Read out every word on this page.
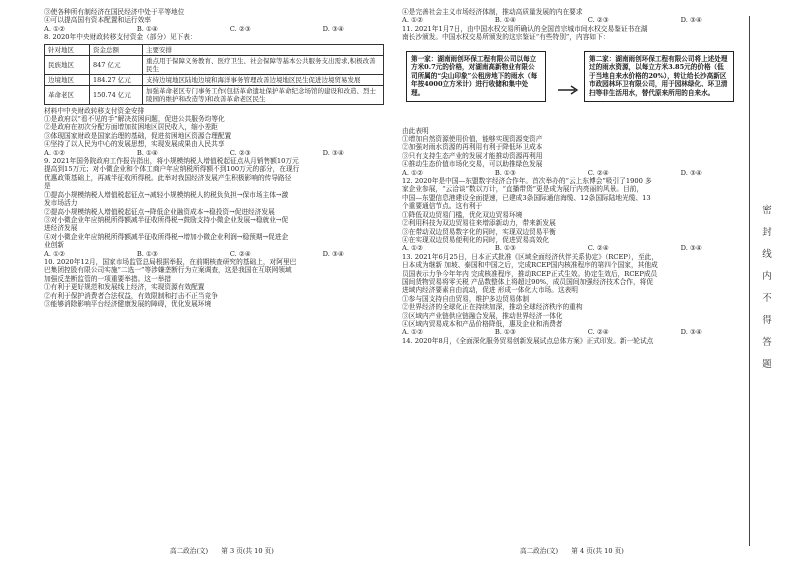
③使各种所有制经济在国民经济中处于平等地位
④可以提高国有资本配置和运行效率
A. ①②	B. ①④	C. ②③	D. ③④
8. 2020年中央财政转移支付资金（部分）见下表：
针对地区	资金总额	主要安排
民族地区	847 亿元	重点用于保障义务教育、医疗卫生、社会保障等基本公共服务支出需求,积极改善民生
边境地区	184.27 亿元	支持边境地区陆地边境和海洋事务管理改善边境地区民生促进边境贸易发展
革命老区	150.74 亿元	加强革命老区专门事务工作(包括革命遗址保护革命纪念场馆的建设和改造、烈士陵园的维护和改造等)和改善革命老区民生
材料中中央财政转移支付资金安排
①是政府以“看不见的手”解决贫困问题，促进公共服务均等化
②是政府在初次分配方面增加贫困地区居民收入，缩小差距
③体现国家财政是国家治理的基础，促进贫困地区资源合理配置
④坚持了以人民为中心的发展思想，实现发展成果由人民共享
A. ①②	B. ①④	C. ②③	D. ③④
9. 2021年国务院政府工作报告指出，将小规模纳税人增值税起征点从月销售额10万元
提高到15万元；对小微企业和个体工商户年应纳税所得额不到100万元的部分，在现行
优惠政策基础上，再减半征收所得税。此举对我国经济发展产生积极影响的传导路径
是
①提高小规模纳税人增值税起征点→减轻小规模纳税人的税负负担→保市场主体→激
发市场活力
②提高小规模纳税人增值税起征点→降低企业融资成本→稳投资→促进经济发展
③对小微企业年应纳税所得额减半征收所得税→鼓励支持小微企业发展→稳就业→促
进经济发展
④对小微企业年应纳税所得额减半征收所得税→增加小微企业利润→稳预期→促进企
业创新
A. ①②	B. ①③	C. ②④	D. ③④
10. 2020年12月，国家市场监管总局根据举报，在前期核查研究的基础上，对阿里巴
巴集团控股有限公司实施“二选一”等涉嫌垄断行为立案调查，这是我国在互联网领域
加强反垄断监管的一项重要举措。这一举措
①有利于更好规范和发展线上经济，实现资源有效配置
②有利于保护消费者合法权益，有效限制和打击不正当竞争
③能够消除影响平台经济健康发展的障碍，优化发展环境
④是完善社会主义市场经济体制，推动高质量发展的内在要求
A. ①②	B. ①④	C. ②③	D. ③④
11. 2021年1月7日，由中国水权交易所确认的全国首宗城市间水权交易鉴证书在湖
南长沙颁发。中国水权交易所颁发的这宗鉴证“有些特别”，内容如下：
第一家：湖南雨创环保工程有限公司以每立方米0.7元的价格，对湖南高新物业有限公司所属的“尖山印象”公租房地下的雨水（每年按4000立方米计）进行收储和集中处理。
第二家：湖南雨创环保工程有限公司将上述处理过的雨水资源，以每立方米3.85元的价格（低于当地自来水价格的20%），转让给长沙高新区市政园林环卫有限公司，用于园林绿化、环卫清扫等非生活用水，替代原来所用的自来水。
由此表明
①增加自然资源使用价值，能够实现资源变资产
②加强对雨水资源的再利用有利于降低环卫成本
③只有支持生态产业的发展才能推动资源再利用
④推动生态价值市场化交易，可以助推绿色发展
A. ①②	B. ①③	C. ②④	D. ③④
12. 2020年是中国—东盟数字经济合作年。首次举办的“云上东博会”吸引了1900 多
家企业参展，“云洽谈”数以万计，“直播带货”更是成为展厅内亮丽的风景。目前，
中国—东盟信息港建设全面提速，已建成3条国际通信海缆、12条国际陆地光缆、13
个重要通信节点。这有利于
①降低双边贸易门槛，优化双边贸易环境
②利用科技为双边贸易往来增添新动力，带来新发展
③在带动双边贸易数字化的同时，实现双边贸易平衡
④在实现双边贸易便利化的同时，促进贸易高效化
A. ①②	B. ①③	C. ②④	D. ③④
13. 2021年6月25日，日本正式批准《区域全面经济伙伴关系协定》（RCEP），至此，
日本成为继新 加坡、泰国和中国之后，完成RCEP国内核准程序的第四个国家，其他成
员国表示力争今年年内 完成核准程序，推动RCEP正式生效。协定生效后，RCEP成员
国间货物贸易将零关税 产品数整体上将超过90%，成员国间加强经济技术合作，将促
进域内经济要素自由流动，促进 形成一体化大市场。这表明
①参与国支持自由贸易，维护多边贸易体制
②世界经济的全球化正在持续加深，推动全球经济秩序的重构
③区域内产业链供应链融合发展，推动世界经济一体化
④区域内贸易成本和产品价格降低，惠及企业和消费者
A. ①②	B. ①③	C. ②④	D. ③④
14. 2020年8月，《全面深化服务贸易创新发展试点总体方案》正式印发。新一轮试点
高二政治(文)　　第 3 页(共 10 页)	高二政治(文)　　第 4 页(共 10 页)
密
封
线
内
不
得
答
题
